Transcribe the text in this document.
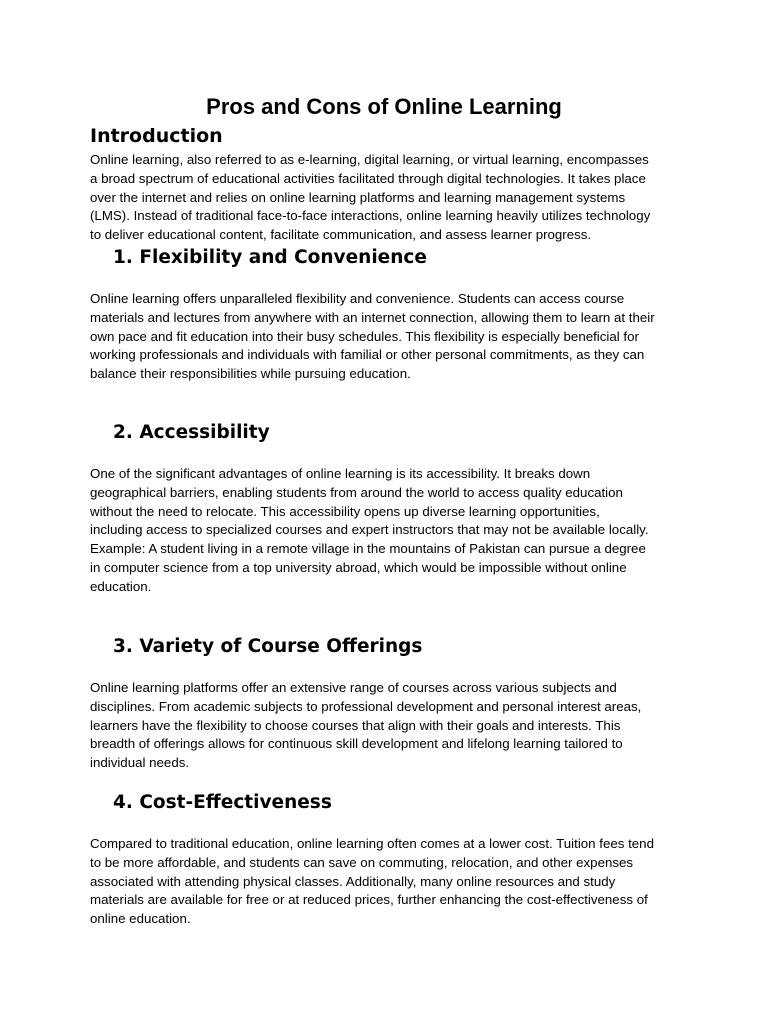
Pros and Cons of Online Learning
Introduction

Online learning, also referred to as e-learning, digital learning, or virtual learning, encompasses
a broad spectrum of educational activities facilitated through digital technologies. It takes place
over the internet and relies on online learning platforms and learning management systems
(LMS). Instead of traditional face-to-face interactions, online learning heavily utilizes technology
to deliver educational content, facilitate communication, and assess learner progress.

1. Flexibility and Convenience

Online learning offers unparalleled flexibility and convenience. Students can access course
materials and lectures from anywhere with an internet connection, allowing them to learn at their
own pace and fit education into their busy schedules. This flexibility is especially beneficial for
working professionals and individuals with familial or other personal commitments, as they can
balance their responsibilities while pursuing education.

2. Accessibility

One of the significant advantages of online learning is its accessibility. It breaks down
geographical barriers, enabling students from around the world to access quality education
without the need to relocate. This accessibility opens up diverse learning opportunities,
including access to specialized courses and expert instructors that may not be available locally.
Example: A student living in a remote village in the mountains of Pakistan can pursue a degree
in computer science from a top university abroad, which would be impossible without online
education.

3. Variety of Course Offerings

Online learning platforms offer an extensive range of courses across various subjects and
disciplines. From academic subjects to professional development and personal interest areas,
learners have the flexibility to choose courses that align with their goals and interests. This
breadth of offerings allows for continuous skill development and lifelong learning tailored to
individual needs.

4. Cost-Effectiveness

Compared to traditional education, online learning often comes at a lower cost. Tuition fees tend
to be more affordable, and students can save on commuting, relocation, and other expenses
associated with attending physical classes. Additionally, many online resources and study
materials are available for free or at reduced prices, further enhancing the cost-effectiveness of
online education.
